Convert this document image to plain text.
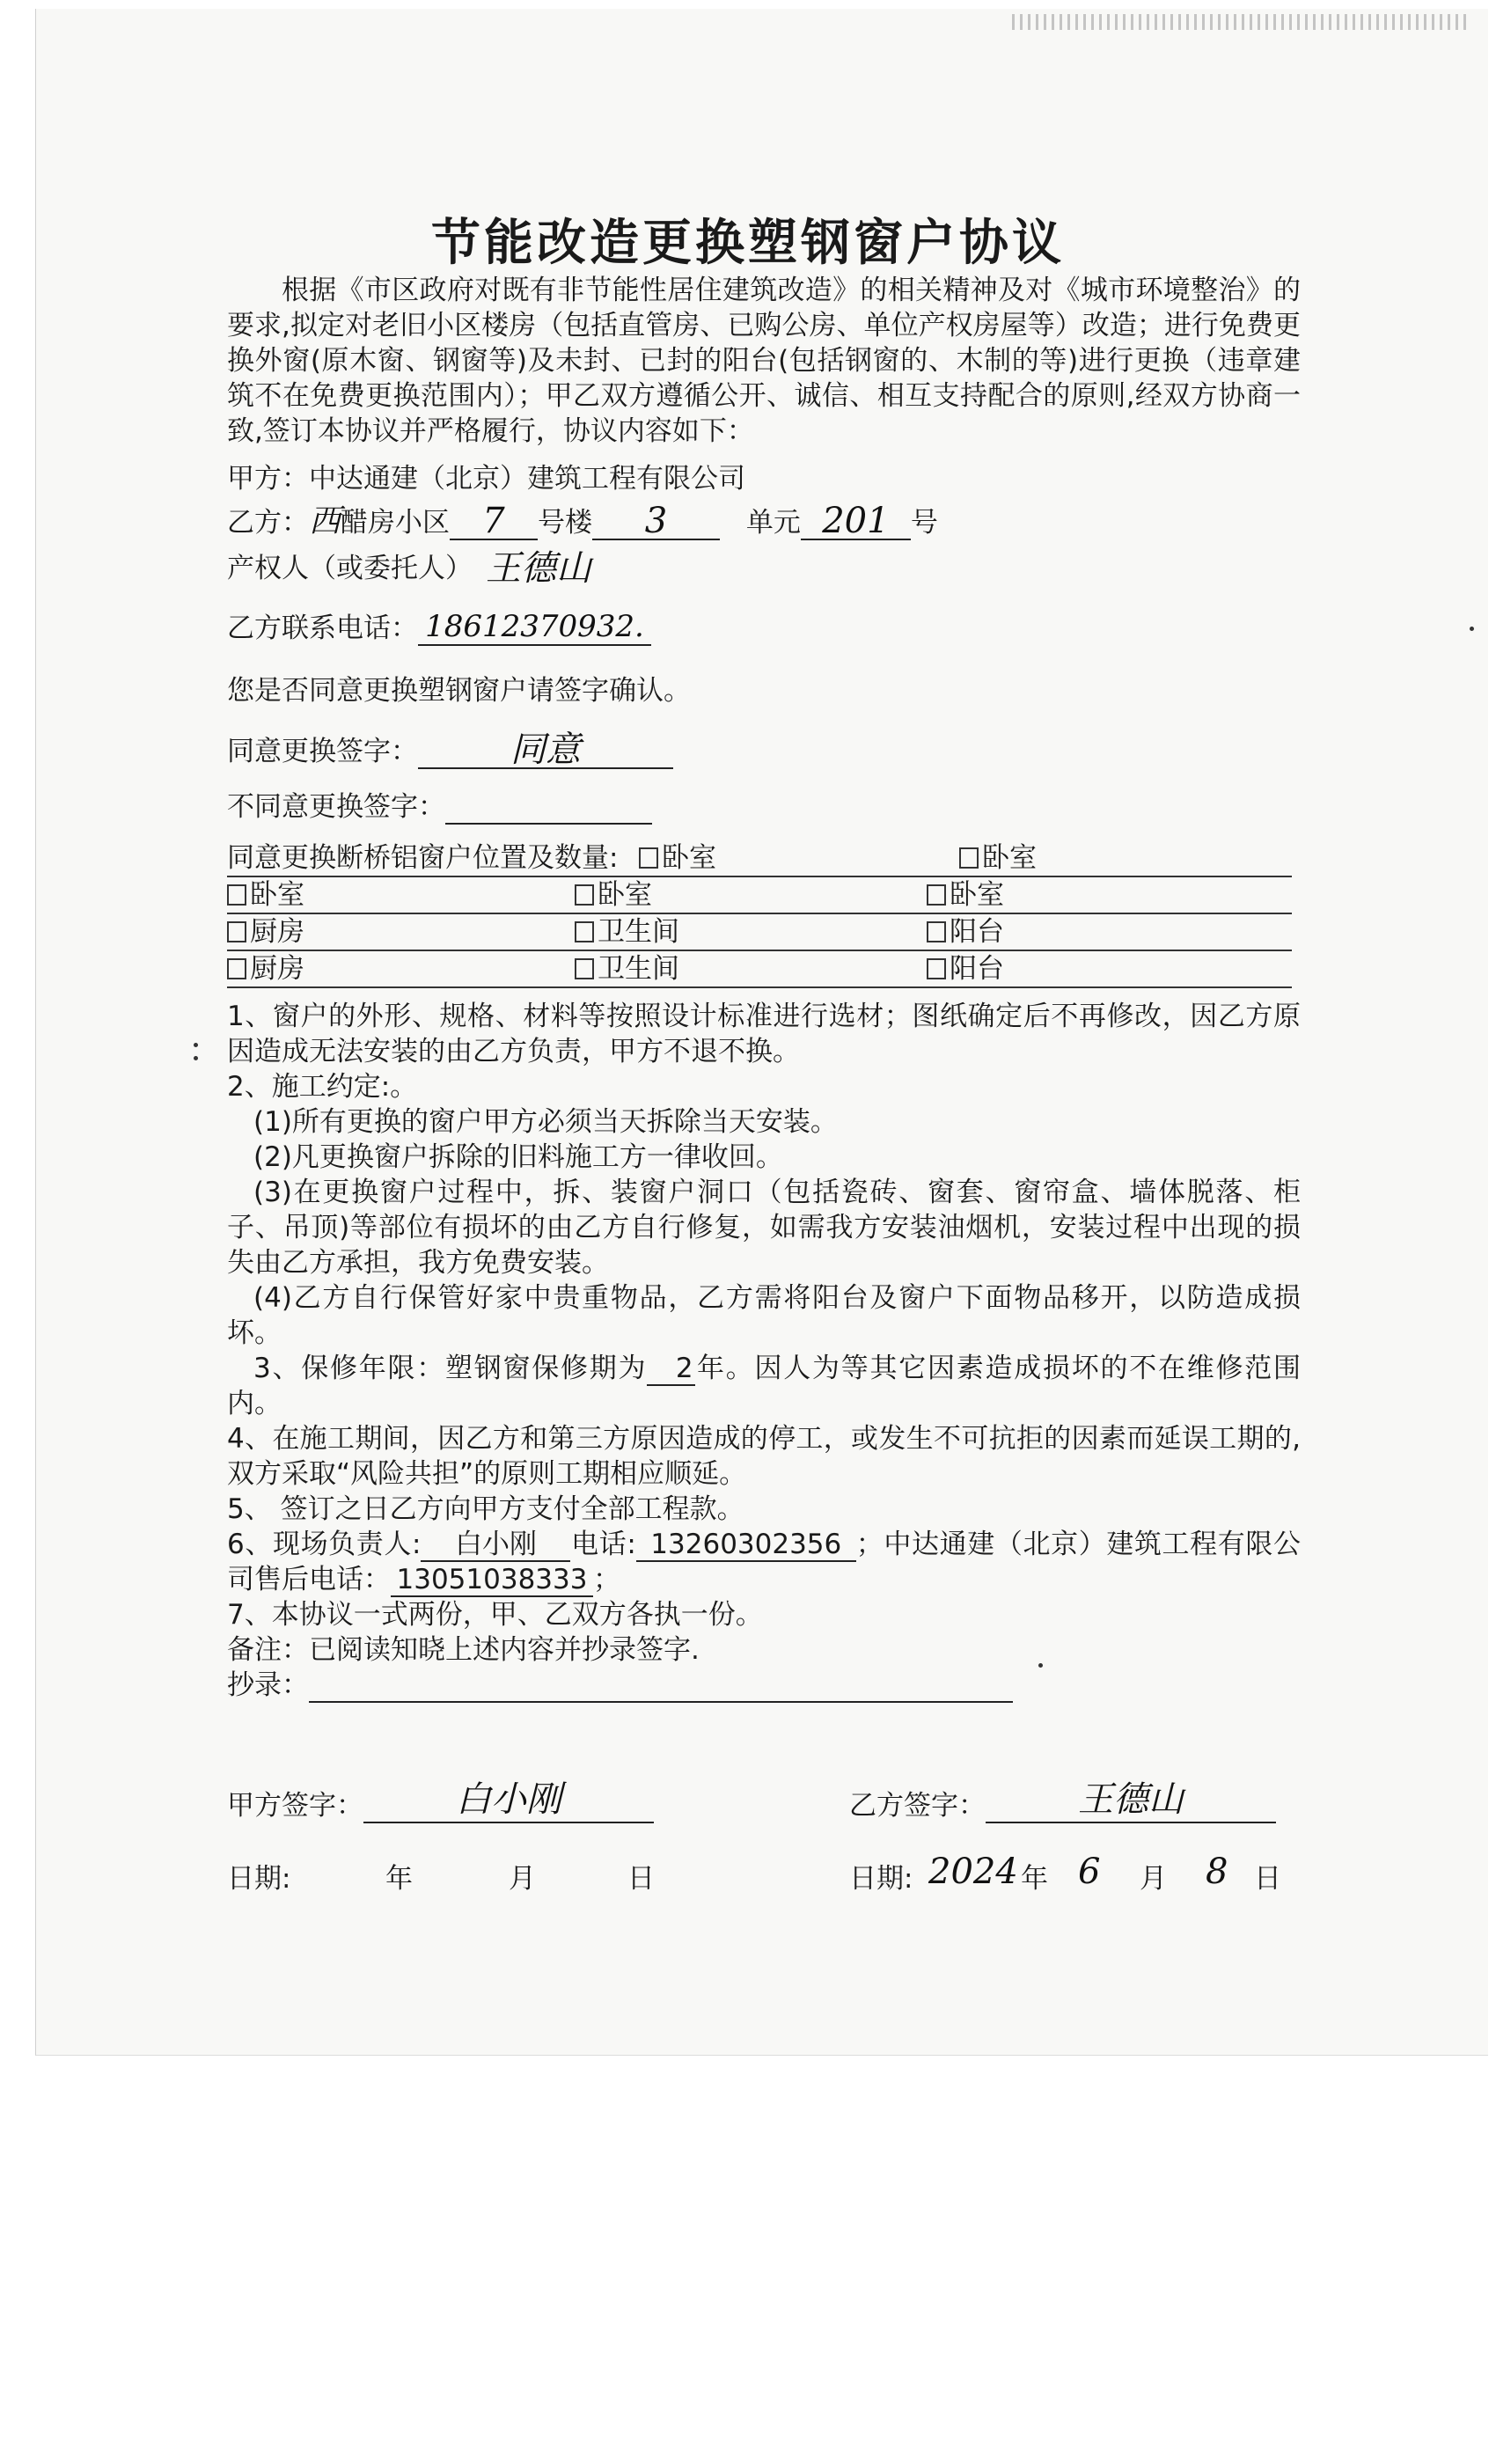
节能改造更换塑钢窗户协议

根据《市区政府对既有非节能性居住建筑改造》的相关精神及对《城市环境整治》的要求,拟定对老旧小区楼房（包括直管房、已购公房、单位产权房屋等）改造；进行免费更换外窗(原木窗、钢窗等)及未封、已封的阳台(包括钢窗的、木制的等)进行更换（违章建筑不在免费更换范围内）；甲乙双方遵循公开、诚信、相互支持配合的原则,经双方协商一致,签订本协议并严格履行，协议内容如下：

甲方：中达通建（北京）建筑工程有限公司
乙方：西醋房小区 7 号楼 3	单元 201 号
产权人（或委托人） 王德山
乙方联系电话： 18612370932.
您是否同意更换塑钢窗户请签字确认。
同意更换签字：	同意
不同意更换签字：
同意更换断桥铝窗户位置及数量:	卧室	卧室
卧室	卧室	卧室
厨房	卫生间	阳台
厨房	卫生间	阳台
1、窗户的外形、规格、材料等按照设计标准进行选材；图纸确定后不再修改，因乙方原因造成无法安装的由乙方负责，甲方不退不换。
2、施工约定:。
(1)所有更换的窗户甲方必须当天拆除当天安装。
(2)凡更换窗户拆除的旧料施工方一律收回。
(3)在更换窗户过程中，拆、装窗户洞口（包括瓷砖、窗套、窗帘盒、墙体脱落、柜子、吊顶)等部位有损坏的由乙方自行修复，如需我方安装油烟机，安装过程中出现的损失由乙方承担，我方免费安装。
(4)乙方自行保管好家中贵重物品，乙方需将阳台及窗户下面物品移开，以防造成损坏。
3、保修年限：塑钢窗保修期为 2年。因人为等其它因素造成损坏的不在维修范围内。
4、在施工期间，因乙方和第三方原因造成的停工，或发生不可抗拒的因素而延误工期的,双方采取“风险共担”的原则工期相应顺延。
5、 签订之日乙方向甲方支付全部工程款。
6、现场负责人: 白小刚 电话: 13260302356 ；中达通建（北京）建筑工程有限公司售后电话： 13051038333 ；
7、本协议一式两份，甲、乙双方各执一份。
备注：已阅读知晓上述内容并抄录签字.
抄录：
甲方签字：	白小刚	乙方签字：	王德山
日期:	年	月	日	日期: 2024 年 6 月 8 日
